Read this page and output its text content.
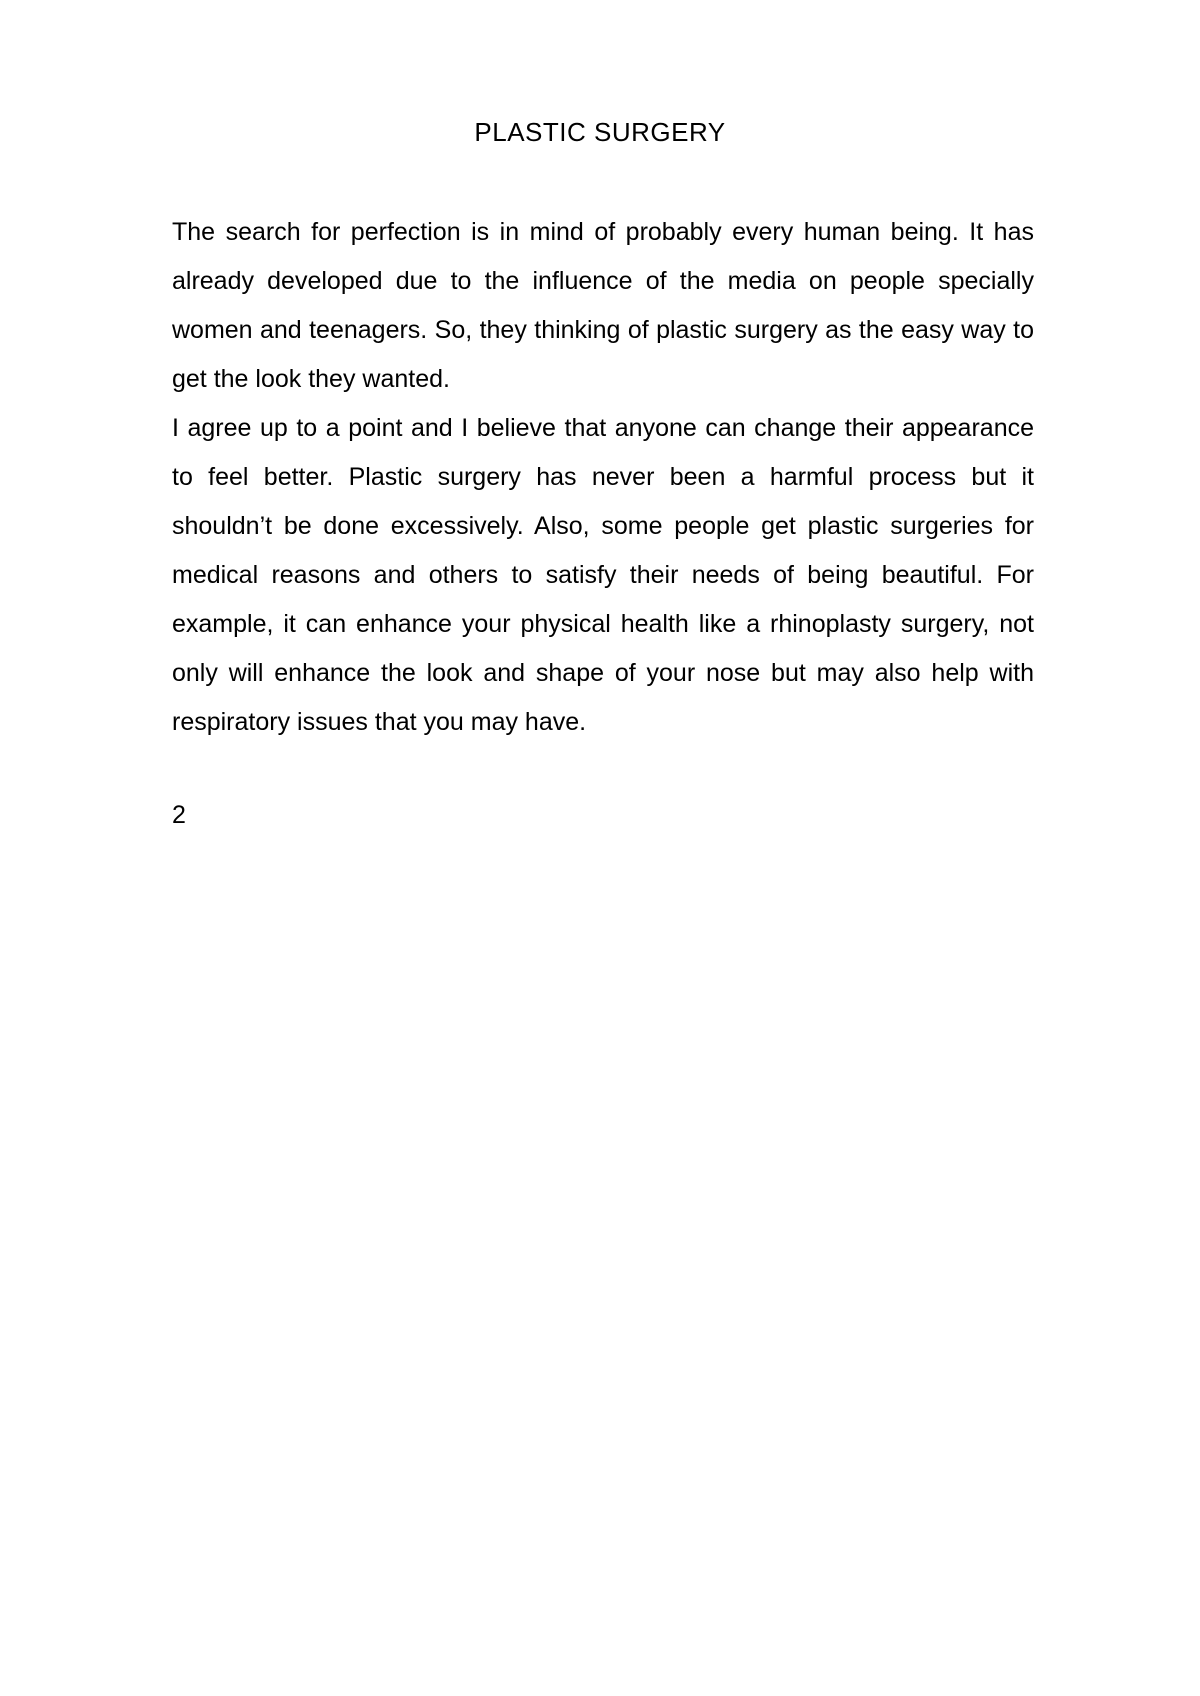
PLASTIC SURGERY

The search for perfection is in mind of probably every human being. It has already developed due to the influence of the media on people specially women and teenagers. So, they thinking of plastic surgery as the easy way to get the look they wanted.

I agree up to a point and I believe that anyone can change their appearance to feel better. Plastic surgery has never been a harmful process but it shouldn’t be done excessively. Also, some people get plastic surgeries for medical reasons and others to satisfy their needs of being beautiful. For example, it can enhance your physical health like a rhinoplasty surgery, not only will enhance the look and shape of your nose but may also help with respiratory issues that you may have.

2
